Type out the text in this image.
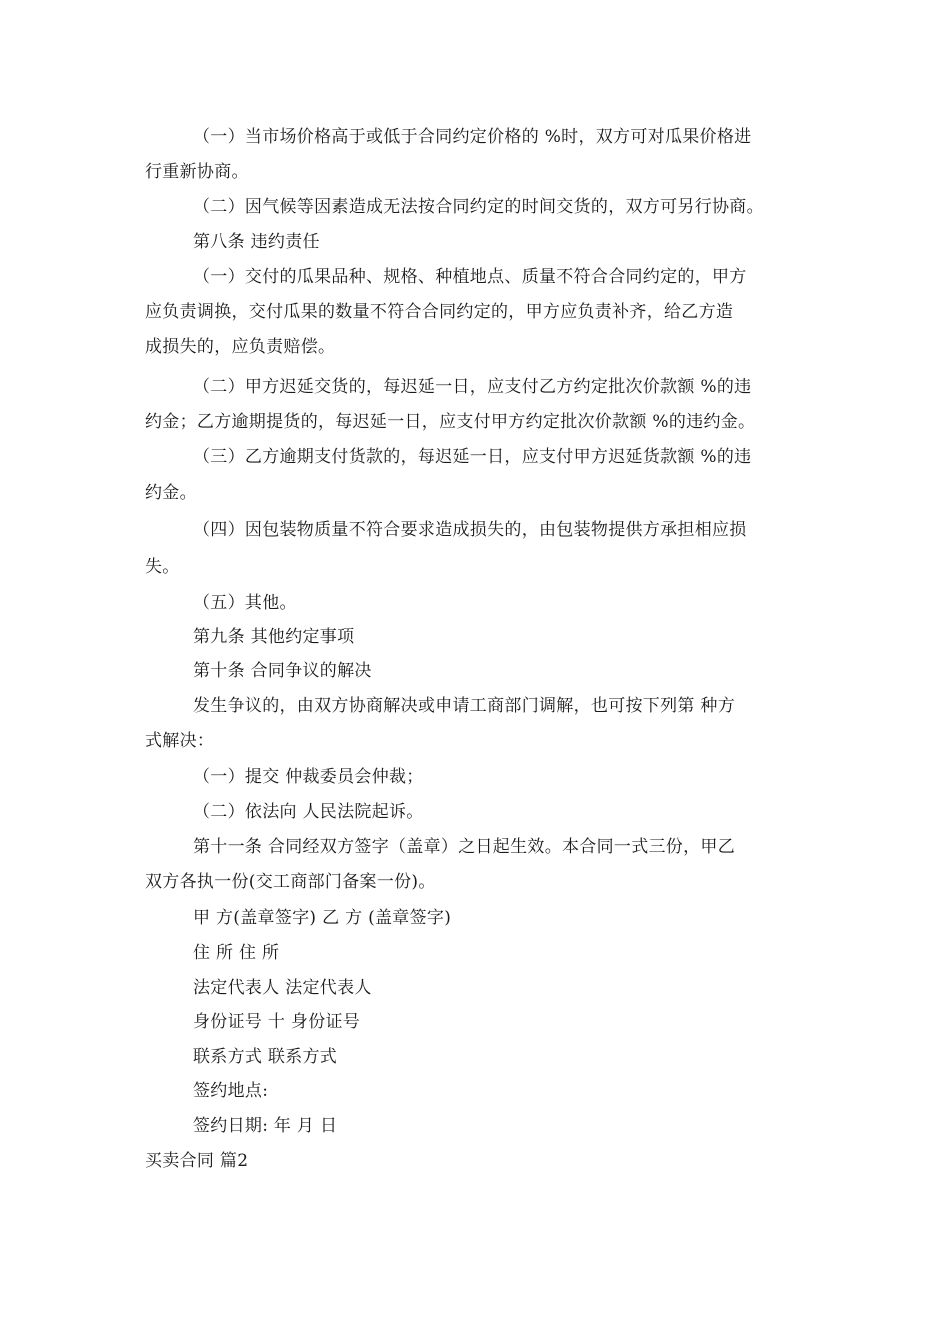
（一）当市场价格高于或低于合同约定价格的 %时，双方可对瓜果价格进
行重新协商。
（二）因气候等因素造成无法按合同约定的时间交货的，双方可另行协商。
第八条 违约责任
（一）交付的瓜果品种、规格、种植地点、质量不符合合同约定的，甲方
应负责调换，交付瓜果的数量不符合合同约定的，甲方应负责补齐，给乙方造
成损失的，应负责赔偿。
（二）甲方迟延交货的，每迟延一日，应支付乙方约定批次价款额 %的违
约金；乙方逾期提货的，每迟延一日，应支付甲方约定批次价款额 %的违约金。
（三）乙方逾期支付货款的，每迟延一日，应支付甲方迟延货款额 %的违
约金。
（四）因包装物质量不符合要求造成损失的，由包装物提供方承担相应损
失。
（五）其他。
第九条 其他约定事项
第十条 合同争议的解决
发生争议的，由双方协商解决或申请工商部门调解，也可按下列第 种方
式解决：
（一）提交 仲裁委员会仲裁；
（二）依法向 人民法院起诉。
第十一条 合同经双方签字（盖章）之日起生效。本合同一式三份，甲乙
双方各执一份(交工商部门备案一份)。
甲 方(盖章签字) 乙 方 (盖章签字)
住 所 住 所
法定代表人 法定代表人
身份证号 十 身份证号
联系方式 联系方式
签约地点:
签约日期: 年 月 日
买卖合同 篇2
